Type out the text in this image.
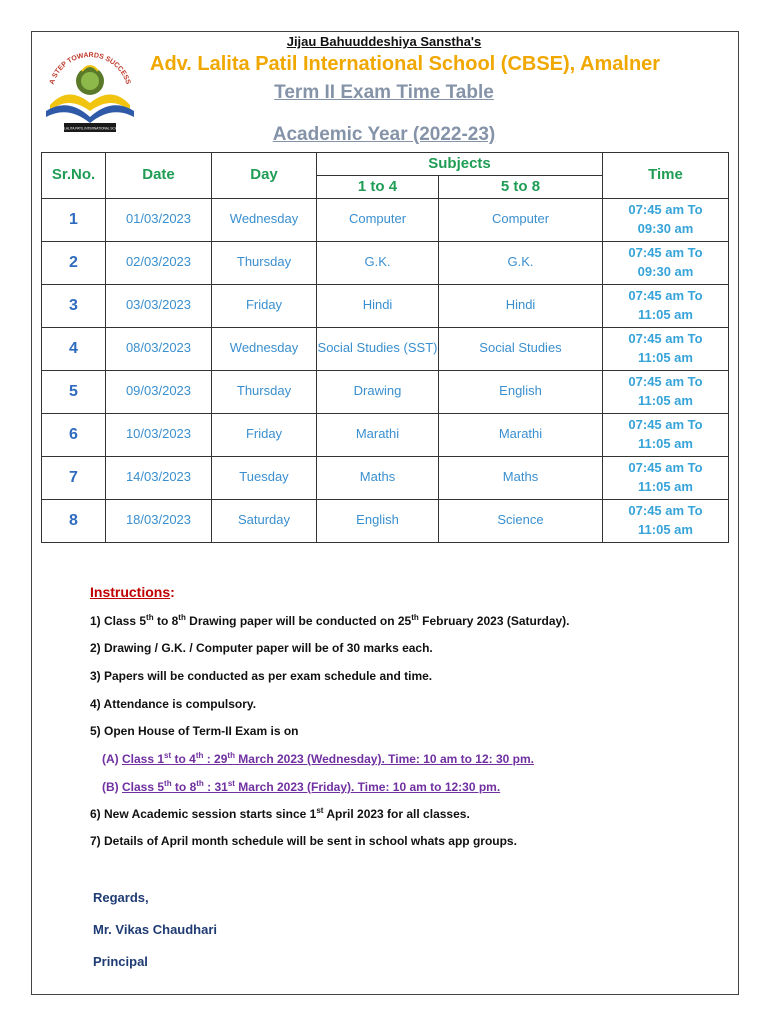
A STEP TOWARDS SUCCESS
ADV. LALITA PATIL INTERNATIONAL SCHOOL
Jijau Bahuuddeshiya Sanstha's
Adv. Lalita Patil International School (CBSE), Amalner
Term II Exam Time Table
Academic Year (2022-23)
Sr.No.	Date	Day	Subjects		Time
			1 to 4	5 to 8	
1	01/03/2023	Wednesday	Computer	Computer	07:45 am To
09:30 am
2	02/03/2023	Thursday	G.K.	G.K.	07:45 am To
09:30 am
3	03/03/2023	Friday	Hindi	Hindi	07:45 am To
11:05 am
4	08/03/2023	Wednesday	Social Studies (SST)	Social Studies	07:45 am To
11:05 am
5	09/03/2023	Thursday	Drawing	English	07:45 am To
11:05 am
6	10/03/2023	Friday	Marathi	Marathi	07:45 am To
11:05 am
7	14/03/2023	Tuesday	Maths	Maths	07:45 am To
11:05 am
8	18/03/2023	Saturday	English	Science	07:45 am To
11:05 am
Instructions:
1) Class 5th to 8th Drawing paper will be conducted on 25th February 2023 (Saturday).
2) Drawing / G.K. / Computer paper will be of 30 marks each.
3) Papers will be conducted as per exam schedule and time.
4) Attendance is compulsory.
5) Open House of Term-II Exam is on
(A) Class 1st to 4th : 29th March 2023 (Wednesday). Time: 10 am to 12: 30 pm.
(B) Class 5th to 8th : 31st March 2023 (Friday). Time: 10 am to 12:30 pm.
6) New Academic session starts since 1st April 2023 for all classes.
7) Details of April month schedule will be sent in school whats app groups.
Regards,
Mr. Vikas Chaudhari
Principal
